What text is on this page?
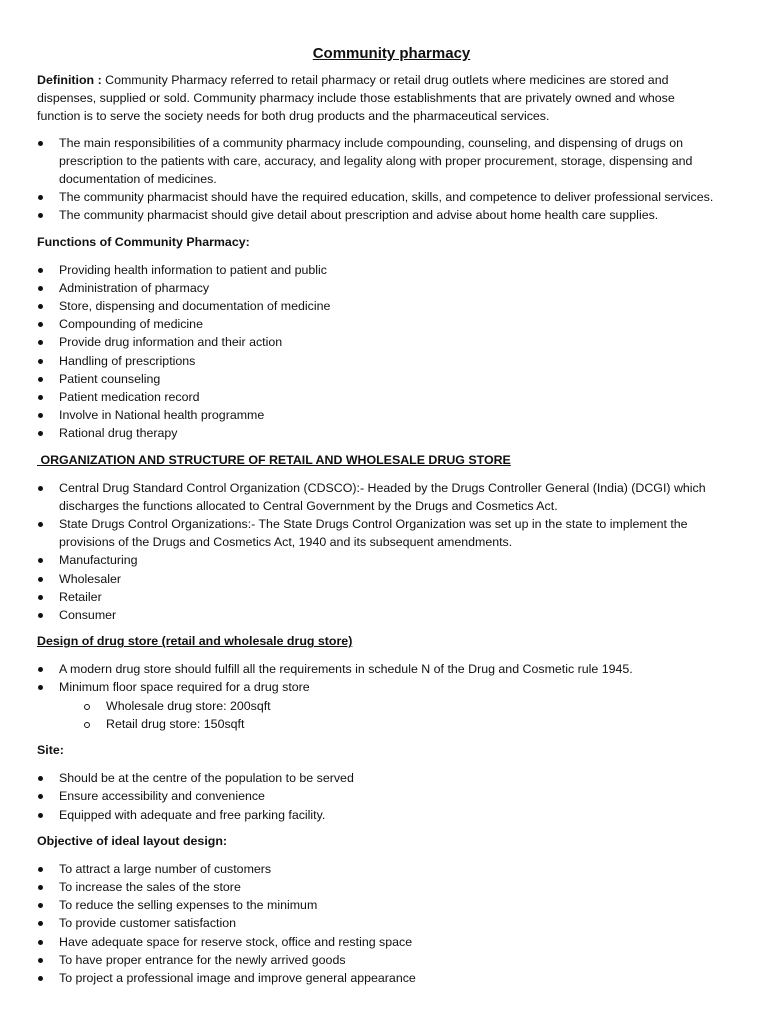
Community pharmacy

Definition : Community Pharmacy referred to retail pharmacy or retail drug outlets where medicines are stored and dispenses, supplied or sold. Community pharmacy include those establishments that are privately owned and whose function is to serve the society needs for both drug products and the pharmaceutical services.

The main responsibilities of a community pharmacy include compounding, counseling, and dispensing of drugs on prescription to the patients with care, accuracy, and legality along with proper procurement, storage, dispensing and documentation of medicines.
The community pharmacist should have the required education, skills, and competence to deliver professional services.
The community pharmacist should give detail about prescription and advise about home health care supplies.
Functions of Community Pharmacy:
Providing health information to patient and public
Administration of pharmacy
Store, dispensing and documentation of medicine
Compounding of medicine
Provide drug information and their action
Handling of prescriptions
Patient counseling
Patient medication record
Involve in National health programme
Rational drug therapy
ORGANIZATION AND STRUCTURE OF RETAIL AND WHOLESALE DRUG STORE
Central Drug Standard Control Organization (CDSCO):- Headed by the Drugs Controller General (India) (DCGI) which discharges the functions allocated to Central Government by the Drugs and Cosmetics Act.
State Drugs Control Organizations:- The State Drugs Control Organization was set up in the state to implement the provisions of the Drugs and Cosmetics Act, 1940 and its subsequent amendments.
Manufacturing
Wholesaler
Retailer
Consumer
Design of drug store (retail and wholesale drug store)
A modern drug store should fulfill all the requirements in schedule N of the Drug and Cosmetic rule 1945.
Minimum floor space required for a drug store
Wholesale drug store: 200sqft
Retail drug store: 150sqft
Site:
Should be at the centre of the population to be served
Ensure accessibility and convenience
Equipped with adequate and free parking facility.
Objective of ideal layout design:
To attract a large number of customers
To increase the sales of the store
To reduce the selling expenses to the minimum
To provide customer satisfaction
Have adequate space for reserve stock, office and resting space
To have proper entrance for the newly arrived goods
To project a professional image and improve general appearance
